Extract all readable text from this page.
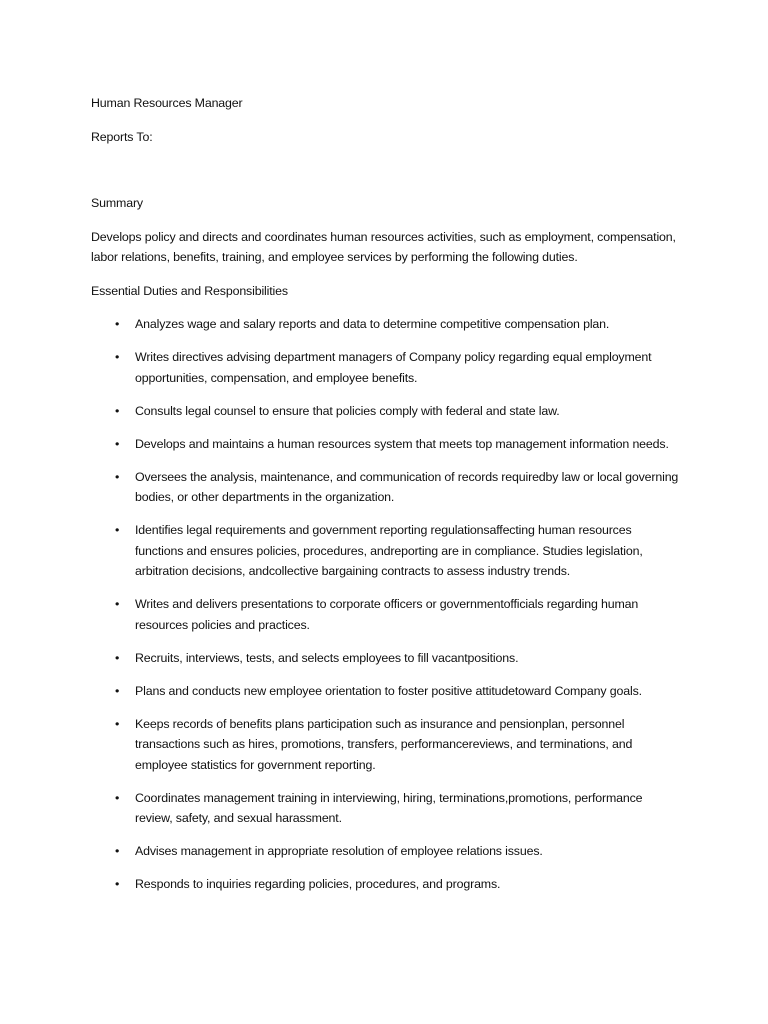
Human Resources Manager
Reports To:
Summary
Develops policy and directs and coordinates human resources activities, such as employment, compensation, labor relations, benefits, training, and employee services by performing the following duties.
Essential Duties and Responsibilities
•	Analyzes wage and salary reports and data to determine competitive compensation plan.
•	Writes directives advising department managers of Company policy regarding equal employment opportunities, compensation, and employee benefits.
•	Consults legal counsel to ensure that policies comply with federal and state law.
•	Develops and maintains a human resources system that meets top management information needs.
•	Oversees the analysis, maintenance, and communication of records requiredby law or local governing bodies, or other departments in the organization.
•	Identifies legal requirements and government reporting regulationsaffecting human resources functions and ensures policies, procedures, andreporting are in compliance. Studies legislation, arbitration decisions, andcollective bargaining contracts to assess industry trends.
•	Writes and delivers presentations to corporate officers or governmentofficials regarding human resources policies and practices.
•	Recruits, interviews, tests, and selects employees to fill vacantpositions.
•	Plans and conducts new employee orientation to foster positive attitudetoward Company goals.
•	Keeps records of benefits plans participation such as insurance and pensionplan, personnel transactions such as hires, promotions, transfers, performancereviews, and terminations, and employee statistics for government reporting.
•	Coordinates management training in interviewing, hiring, terminations,promotions, performance review, safety, and sexual harassment.
•	Advises management in appropriate resolution of employee relations issues.
•	Responds to inquiries regarding policies, procedures, and programs.
